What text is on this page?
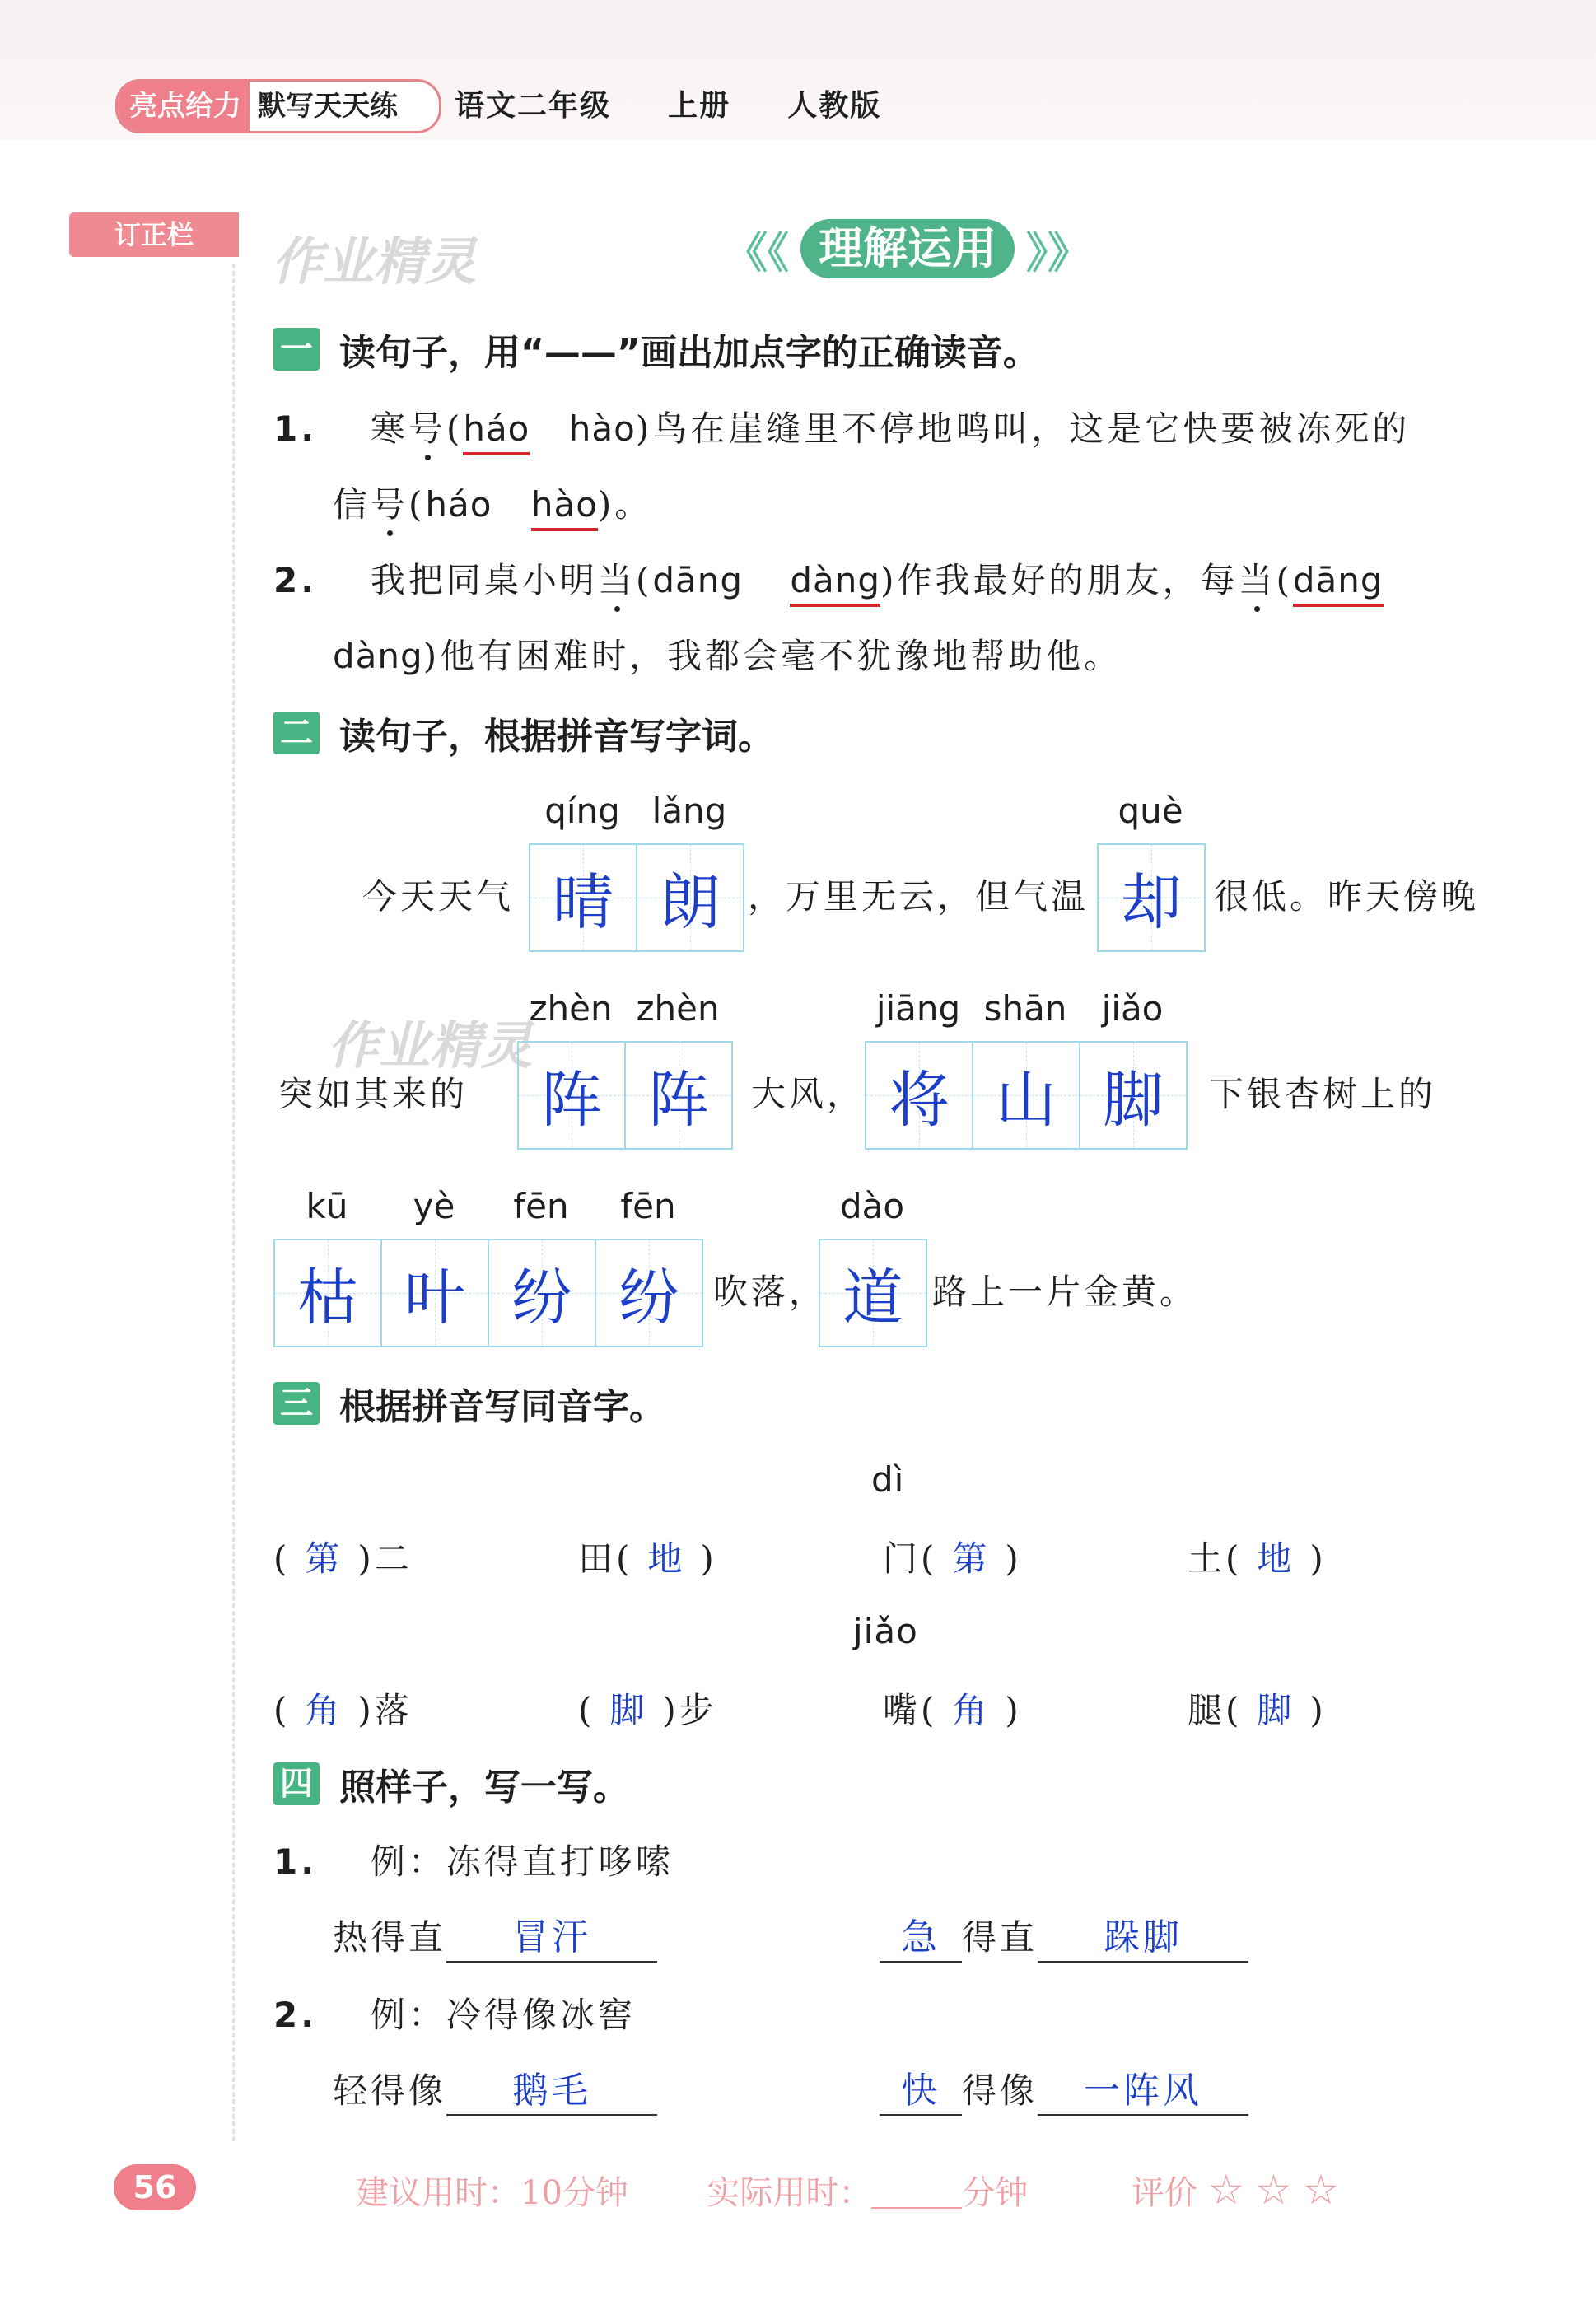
亮点给力 默写天天练 语文二年级 上册 人教版
订正栏	作业精灵
作业精灵
《《 理解运用 》》
一 读句子，用“——”画出加点字的正确读音。
1. 寒号(háo hào)鸟在崖缝里不停地鸣叫，这是它快要被冻死的
信号(háo hào)。
2. 我把同桌小明当(dāng dàng)作我最好的朋友，每当(dāng
dàng)他有困难时，我都会毫不犹豫地帮助他。
二 读句子，根据拼音写字词。
qíng lǎng
今天天气 晴 朗 ，万里无云，但气温
què
却 很低。昨天傍晚
zhèn zhèn
突如其来的 阵 阵 大风，
jiāng shān	jiǎo
将 山 脚 下银杏树上的
kū	yè	fēn	fēn
枯 叶 纷 纷 吹落，
dào
道 路上一片金黄。
三 根据拼音写同音字。
dì
( 第 )二	田( 地 )	门( 第 )	土( 地 )
jiǎo
( 角 )落	( 脚 )步	嘴( 角 )	腿( 脚 )
四 照样子，写一写。
1. 例：冻得直打哆嗦
热得直 冒汗	急 得直 跺脚
2. 例：冷得像冰窖
轻得像 鹅毛	快 得像 一阵风
56	建议用时：10分钟 实际用时：	分钟	评价 ☆ ☆ ☆
